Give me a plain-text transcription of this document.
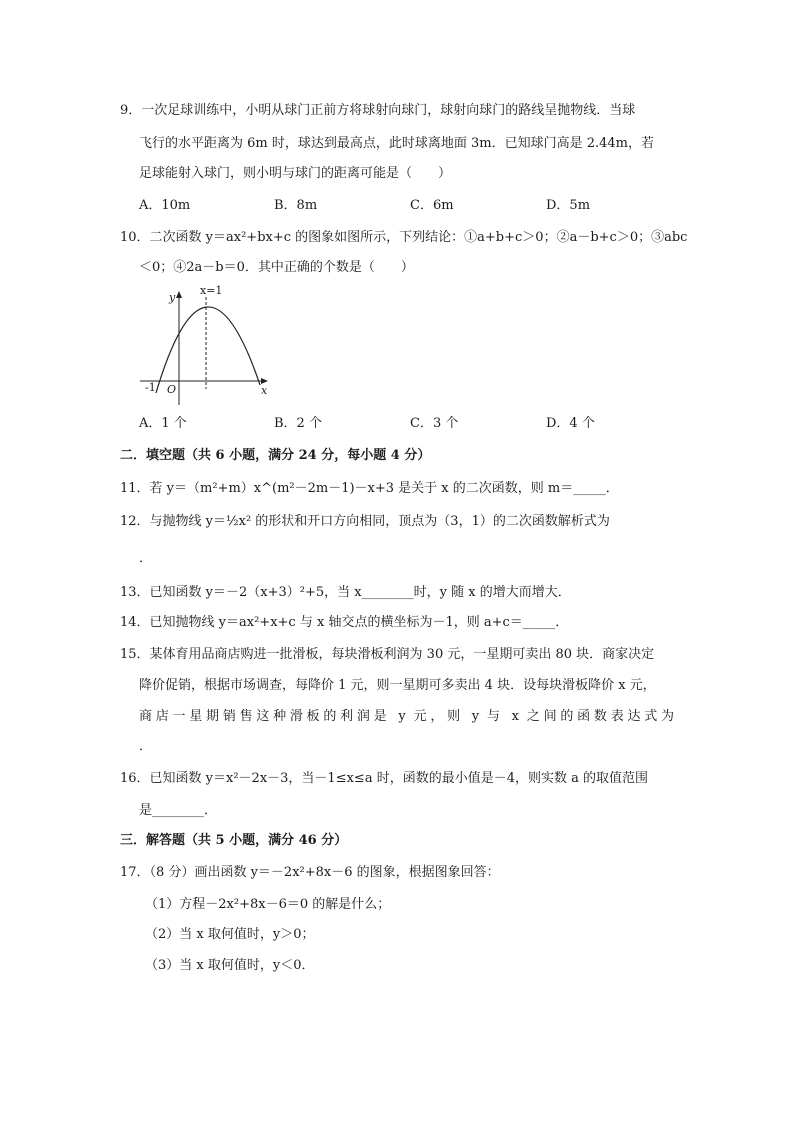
9．一次足球训练中，小明从球门正前方将球射向球门，球射向球门的路线呈抛物线．当球
飞行的水平距离为 6m 时，球达到最高点，此时球离地面 3m．已知球门高是 2.44m，若
足球能射入球门，则小明与球门的距离可能是（　　）
A．10m	B．8m	C．6m	D．5m
10．二次函数 y＝ax²+bx+c 的图象如图所示，下列结论：①a+b+c＞0；②a－b+c＞0；③abc
＜0；④2a－b＝0．其中正确的个数是（　　）
x=1
y
x
O
-1
A．1 个	B．2 个	C．3 个	D．4 个
二．填空题（共 6 小题，满分 24 分，每小题 4 分）
11．若 y＝（m²+m）x^(m²－2m－1)－x+3 是关于 x 的二次函数，则 m＝_____．
12．与抛物线 y＝½x² 的形状和开口方向相同，顶点为（3，1）的二次函数解析式为
．
13．已知函数 y＝－2（x+3）²+5，当 x________时，y 随 x 的增大而增大．
14．已知抛物线 y＝ax²+x+c 与 x 轴交点的横坐标为－1，则 a+c＝_____．
15．某体育用品商店购进一批滑板，每块滑板利润为 30 元，一星期可卖出 80 块．商家决定
降价促销，根据市场调查，每降价 1 元，则一星期可多卖出 4 块．设每块滑板降价 x 元，
商店一星期销售这种滑板的利润是 y 元，则 y 与 x 之间的函数表达式为
．
16．已知函数 y＝x²－2x－3，当－1≤x≤a 时，函数的最小值是－4，则实数 a 的取值范围
是________．
三．解答题（共 5 小题，满分 46 分）
17．（8 分）画出函数 y＝－2x²+8x－6 的图象，根据图象回答：
（1）方程－2x²+8x－6＝0 的解是什么；
（2）当 x 取何值时，y＞0；
（3）当 x 取何值时，y＜0．
